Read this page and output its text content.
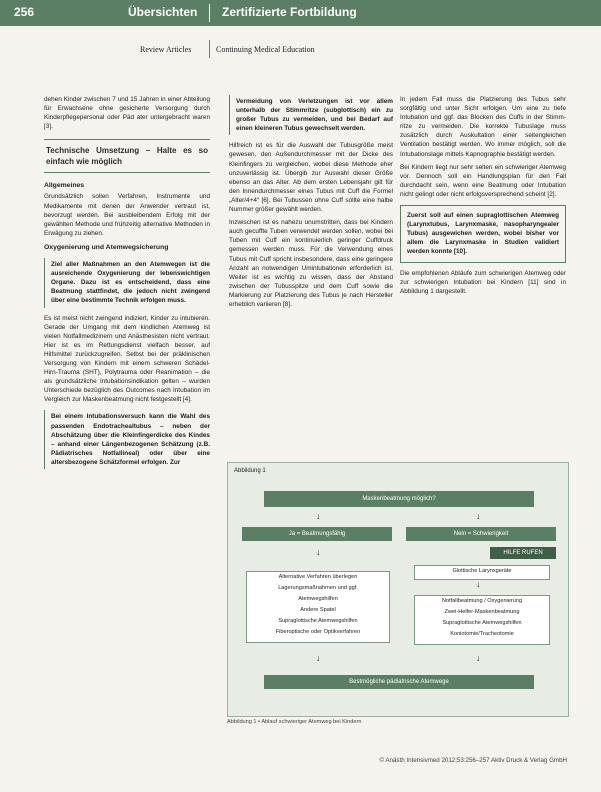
256	Übersichten Zertifizierte Fortbildung
Review Articles	Continuing Medical Education

dehen Kinder zwischen 7 und 15 Jahren in einer Abteilung für Erwachsene ohne gesicherte Versorgung durch Kinderpflegepersonal oder Päd ater untergebracht waren [3].

Technische Umsetzung – Halte es so einfach wie möglich
Allgemeines

Grundsätzlich sollen Verfahren, Instrumente und Medikamente mit denen der Anwender vertraut ist, bevorzugt werden. Bei ausbleibendem Erfolg mit der gewählten Methode und frühzeitig alternative Methoden in Erwägung zu ziehen.

Oxygenierung und Atemwegsicherung
Ziel aller Maßnahmen an den Atemwegen ist die ausreichende Oxygenierung der lebenswichtigen Organe. Dazu ist es entscheidend, dass eine Beatmung stattfindet, die jedoch nicht zwingend über eine bestimmte Technik erfolgen muss.

Es ist meist nicht zwingend indiziert, Kinder zu intubieren. Gerade der Umgang mit dem kindlichen Atemweg ist vielen Notfallmedizinern und Anästhesisten nicht vertraut. Hier ist es im Rettungsdienst vielfach besser, auf Hilfsmittel zurückzugreifen. Selbst bei der präklinischen Versorgung von Kindern mit einem schweren Schädel-Hirn-Trauma (SHT), Polytrauma oder Reanimation – die als grundsätzliche Intubationsindikation gelten – wurden Unterschiede bezüglich des Outcomes nach Intubation im Vergleich zur Maskenbeatmung nicht festgestellt [4].

Bei einem Intubationsversuch kann die Wahl des passenden Endotrachealtubus – neben der Abschätzung über die Kleinfingerdicke des Kindes – anhand einer Längenbezogenen Schätzung (z.B. Pädiatrisches Notfallineal) oder über eine altersbezogene Schätzformel erfolgen. Zur
Vermeidung von Verletzungen ist vor allem unterhalb der Stimmritze (subglottisch) ein zu großer Tubus zu vermeiden, und bei Bedarf auf einen kleineren Tubus gewechselt werden.

Hilfreich ist es für die Auswahl der Tubusgröße meist gewesen, den Außendurchmesser mit der Dicke des Kleinfingers zu vergleichen, wobei diese Methode eher unzuverlässig ist. Übergib zur Auswahl dieser Größe ebenso an das Alter. Ab dem ersten Lebensjahr gilt für den Innendurchmesser eines Tubus mit Cuff die Formel „Alter/4+4“ [6]. Bei Tubussen ohne Cuff sollte eine halbe Nummer größer gewählt werden.

Inzwischen ist es nahezu unumstritten, dass bei Kindern auch gecuffte Tuben verwendet werden sollen, wobei bei Tuben mit Cuff ein kontinuierlich geringer Cuffdruck gemessen werden muss. Für die Verwendung eines Tubus mit Cuff spricht insbesondere, dass eine geringere Anzahl an notwendigen Umintubationen erforderlich ist. Weiter ist es wichtig zu wissen, dass der Abstand zwischen der Tubusspitze und dem Cuff sowie die Markierung zur Platzierung des Tubus je nach Hersteller erheblich variieren [8].

In jedem Fall muss die Platzierung des Tubus sehr sorgfältig und unter Sicht erfolgen. Um eine zu tiefe Intubation und ggf. das Blocken des Cuffs in der Stimmritze zu vermeiden. Die korrekte Tubuslage muss zusätzlich durch Auskultation einer seitengleichen Ventilation bestätigt werden. Wo immer möglich, soll die Intubationslage mittels Kapnographie bestätigt werden.

Bei Kindern liegt nur sehr selten ein schwieriger Atemweg vor. Dennoch soll ein Handlungsplan für den Fall durchdacht sein, wenn eine Beatmung oder Intubation nicht gelingt oder nicht erfolgsversprechend scheint [2].

Zuerst soll auf einen supraglottischen Atemweg (Larynxtubus, Larynxmaske, nasopharyngealer Tubus) ausgewichen werden, wobei bisher vor allem die Larynxmaske in Studien validiert werden konnte [10].

Die empfohlenen Abläufe zum schwierigen Atemweg oder zur schwierigen Intubation bei Kindern [11] sind in Abbildung 1 dargestellt.

Abbildung 1
Maskenbeatmung möglich?
↓	↓
Ja = Beatmungsfähig	Nein = Schwierigkeit
HILFE RUFEN
↓
Glottische Larynxgeräte
Alternative Verfahren überlegen
Lagerungsmaßnahmen und ggf.
Atemwegshilfen
Andere Spatel
Supraglottische Atemwegshilfen
Fiberoptische oder Optikverfahren
↓
Notfallbeatmung / Oxygenierung
Zwei-Helfer-Maskenbeatmung
Supraglottische Atemwegshilfen
Koniotomie/Tracheotomie
↓	↓
Bestmögliche pädiatrische Atemwege
Abbildung 1 ▪ Ablauf schwieriger Atemweg bei Kindern
© Anästh Intensivmed 2012;53:256–257 Aktiv Druck & Verlag GmbH
